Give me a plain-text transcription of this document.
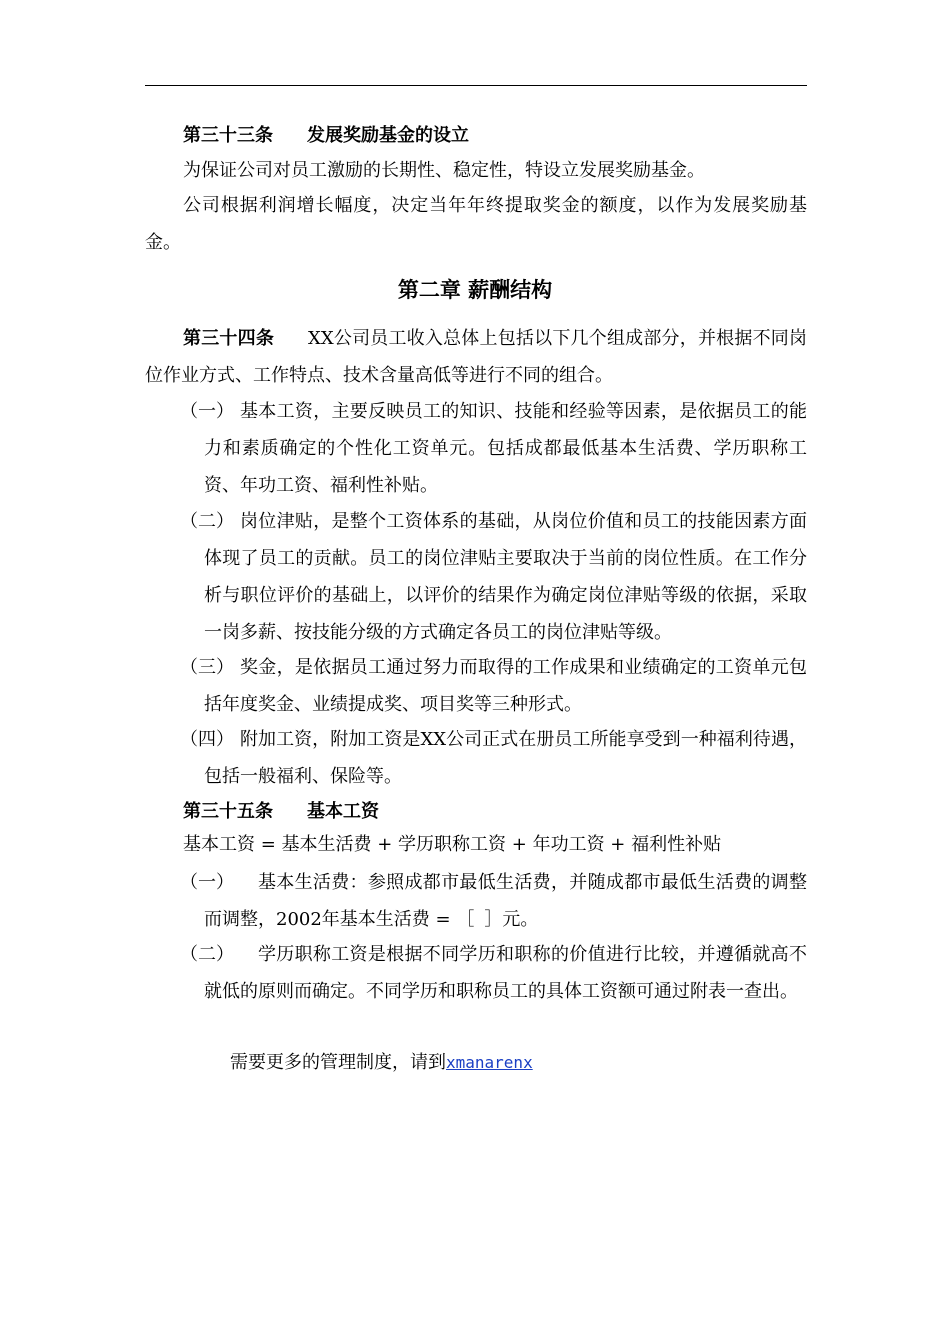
第三十三条 发展奖励基金的设立

为保证公司对员工激励的长期性、稳定性，特设立发展奖励基金。

公司根据利润增长幅度，决定当年年终提取奖金的额度，以作为发展奖励基金。

第二章 薪酬结构

第三十四条 XX公司员工收入总体上包括以下几个组成部分，并根据不同岗位作业方式、工作特点、技术含量高低等进行不同的组合。

（一） 基本工资，主要反映员工的知识、技能和经验等因素，是依据员工的能力和素质确定的个性化工资单元。包括成都最低基本生活费、学历职称工资、年功工资、福利性补贴。

（二） 岗位津贴，是整个工资体系的基础，从岗位价值和员工的技能因素方面体现了员工的贡献。员工的岗位津贴主要取决于当前的岗位性质。在工作分析与职位评价的基础上，以评价的结果作为确定岗位津贴等级的依据，采取一岗多薪、按技能分级的方式确定各员工的岗位津贴等级。

（三） 奖金，是依据员工通过努力而取得的工作成果和业绩确定的工资单元包括年度奖金、业绩提成奖、项目奖等三种形式。

（四） 附加工资，附加工资是XX公司正式在册员工所能享受到一种福利待遇，包括一般福利、保险等。

第三十五条 基本工资

基本工资 = 基本生活费 + 学历职称工资 + 年功工资 + 福利性补贴

（一）	基本生活费：参照成都市最低生活费，并随成都市最低生活费的调整而调整，2002年基本生活费 = ［ ］元。

（二）	学历职称工资是根据不同学历和职称的价值进行比较，并遵循就高不就低的原则而确定。不同学历和职称员工的具体工资额可通过附表一查出。

需要更多的管理制度，请到xmanarenx
